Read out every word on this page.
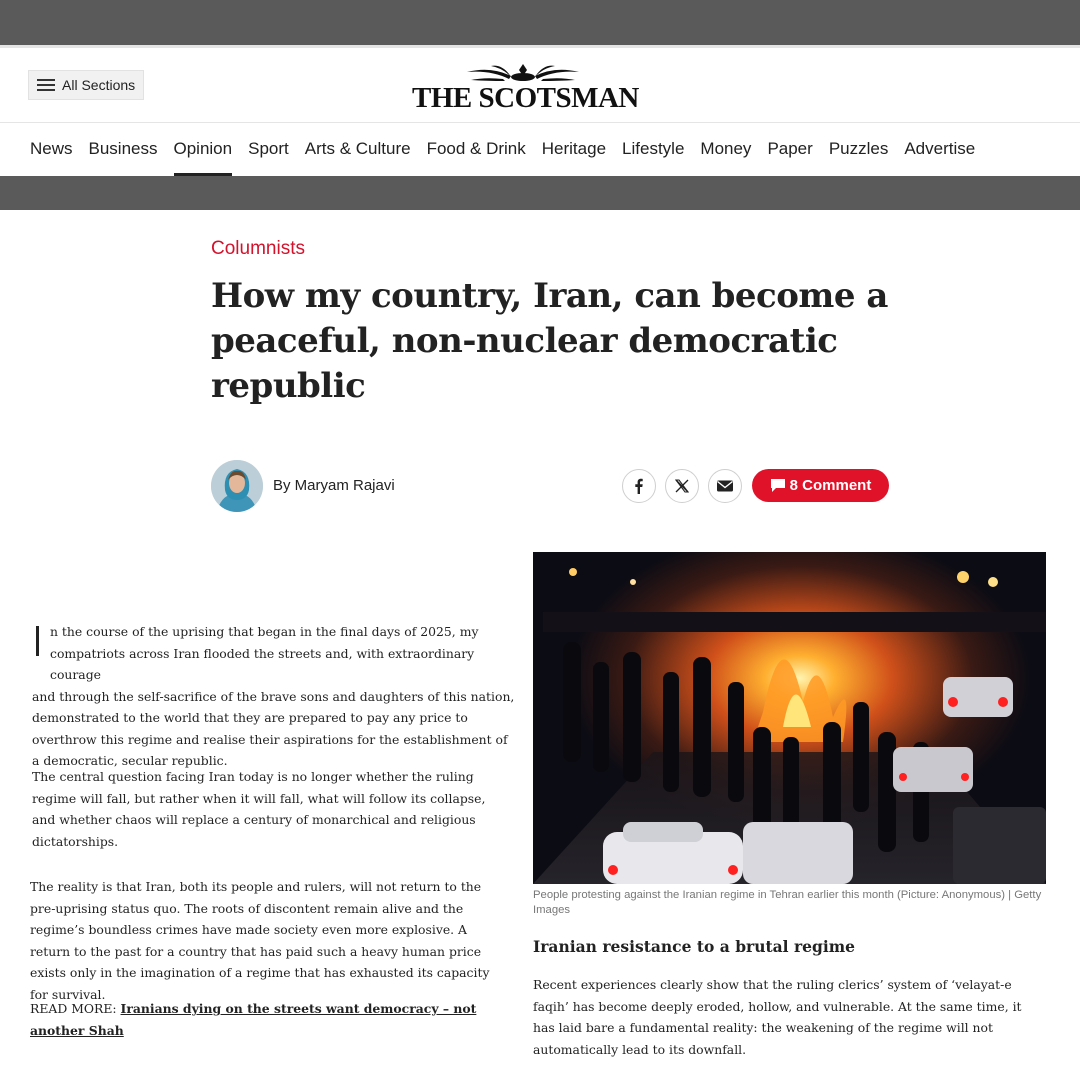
All Sections	THE SCOTSMAN
News Business Opinion Sport Arts & Culture Food & Drink Heritage Lifestyle Money Paper Puzzles Advertise
Columnists
How my country, Iran, can become a peaceful, non-nuclear democratic republic
By Maryam Rajavi	8 Comment
n the course of the uprising that began in the final days of 2025, my
compatriots across Iran flooded the streets and, with extraordinary courage
and through the self-sacrifice of the brave sons and daughters of this nation, demonstrated to the world that they are prepared to pay any price to overthrow this regime and realise their aspirations for the establishment of a democratic, secular republic.

The central question facing Iran today is no longer whether the ruling regime will fall, but rather when it will fall, what will follow its collapse, and whether chaos will replace a century of monarchical and religious dictatorships.

The reality is that Iran, both its people and rulers, will not return to the pre-uprising status quo. The roots of discontent remain alive and the regime’s boundless crimes have made society even more explosive. A return to the past for a country that has paid such a heavy human price exists only in the imagination of a regime that has exhausted its capacity for survival.

READ MORE: Iranians dying on the streets want democracy – not another Shah
People protesting against the Iranian regime in Tehran earlier this month (Picture: Anonymous) | Getty Images
Iranian resistance to a brutal regime

Recent experiences clearly show that the ruling clerics’ system of ‘velayat-e faqih’ has become deeply eroded, hollow, and vulnerable. At the same time, it has laid bare a fundamental reality: the weakening of the regime will not automatically lead to its downfall.
